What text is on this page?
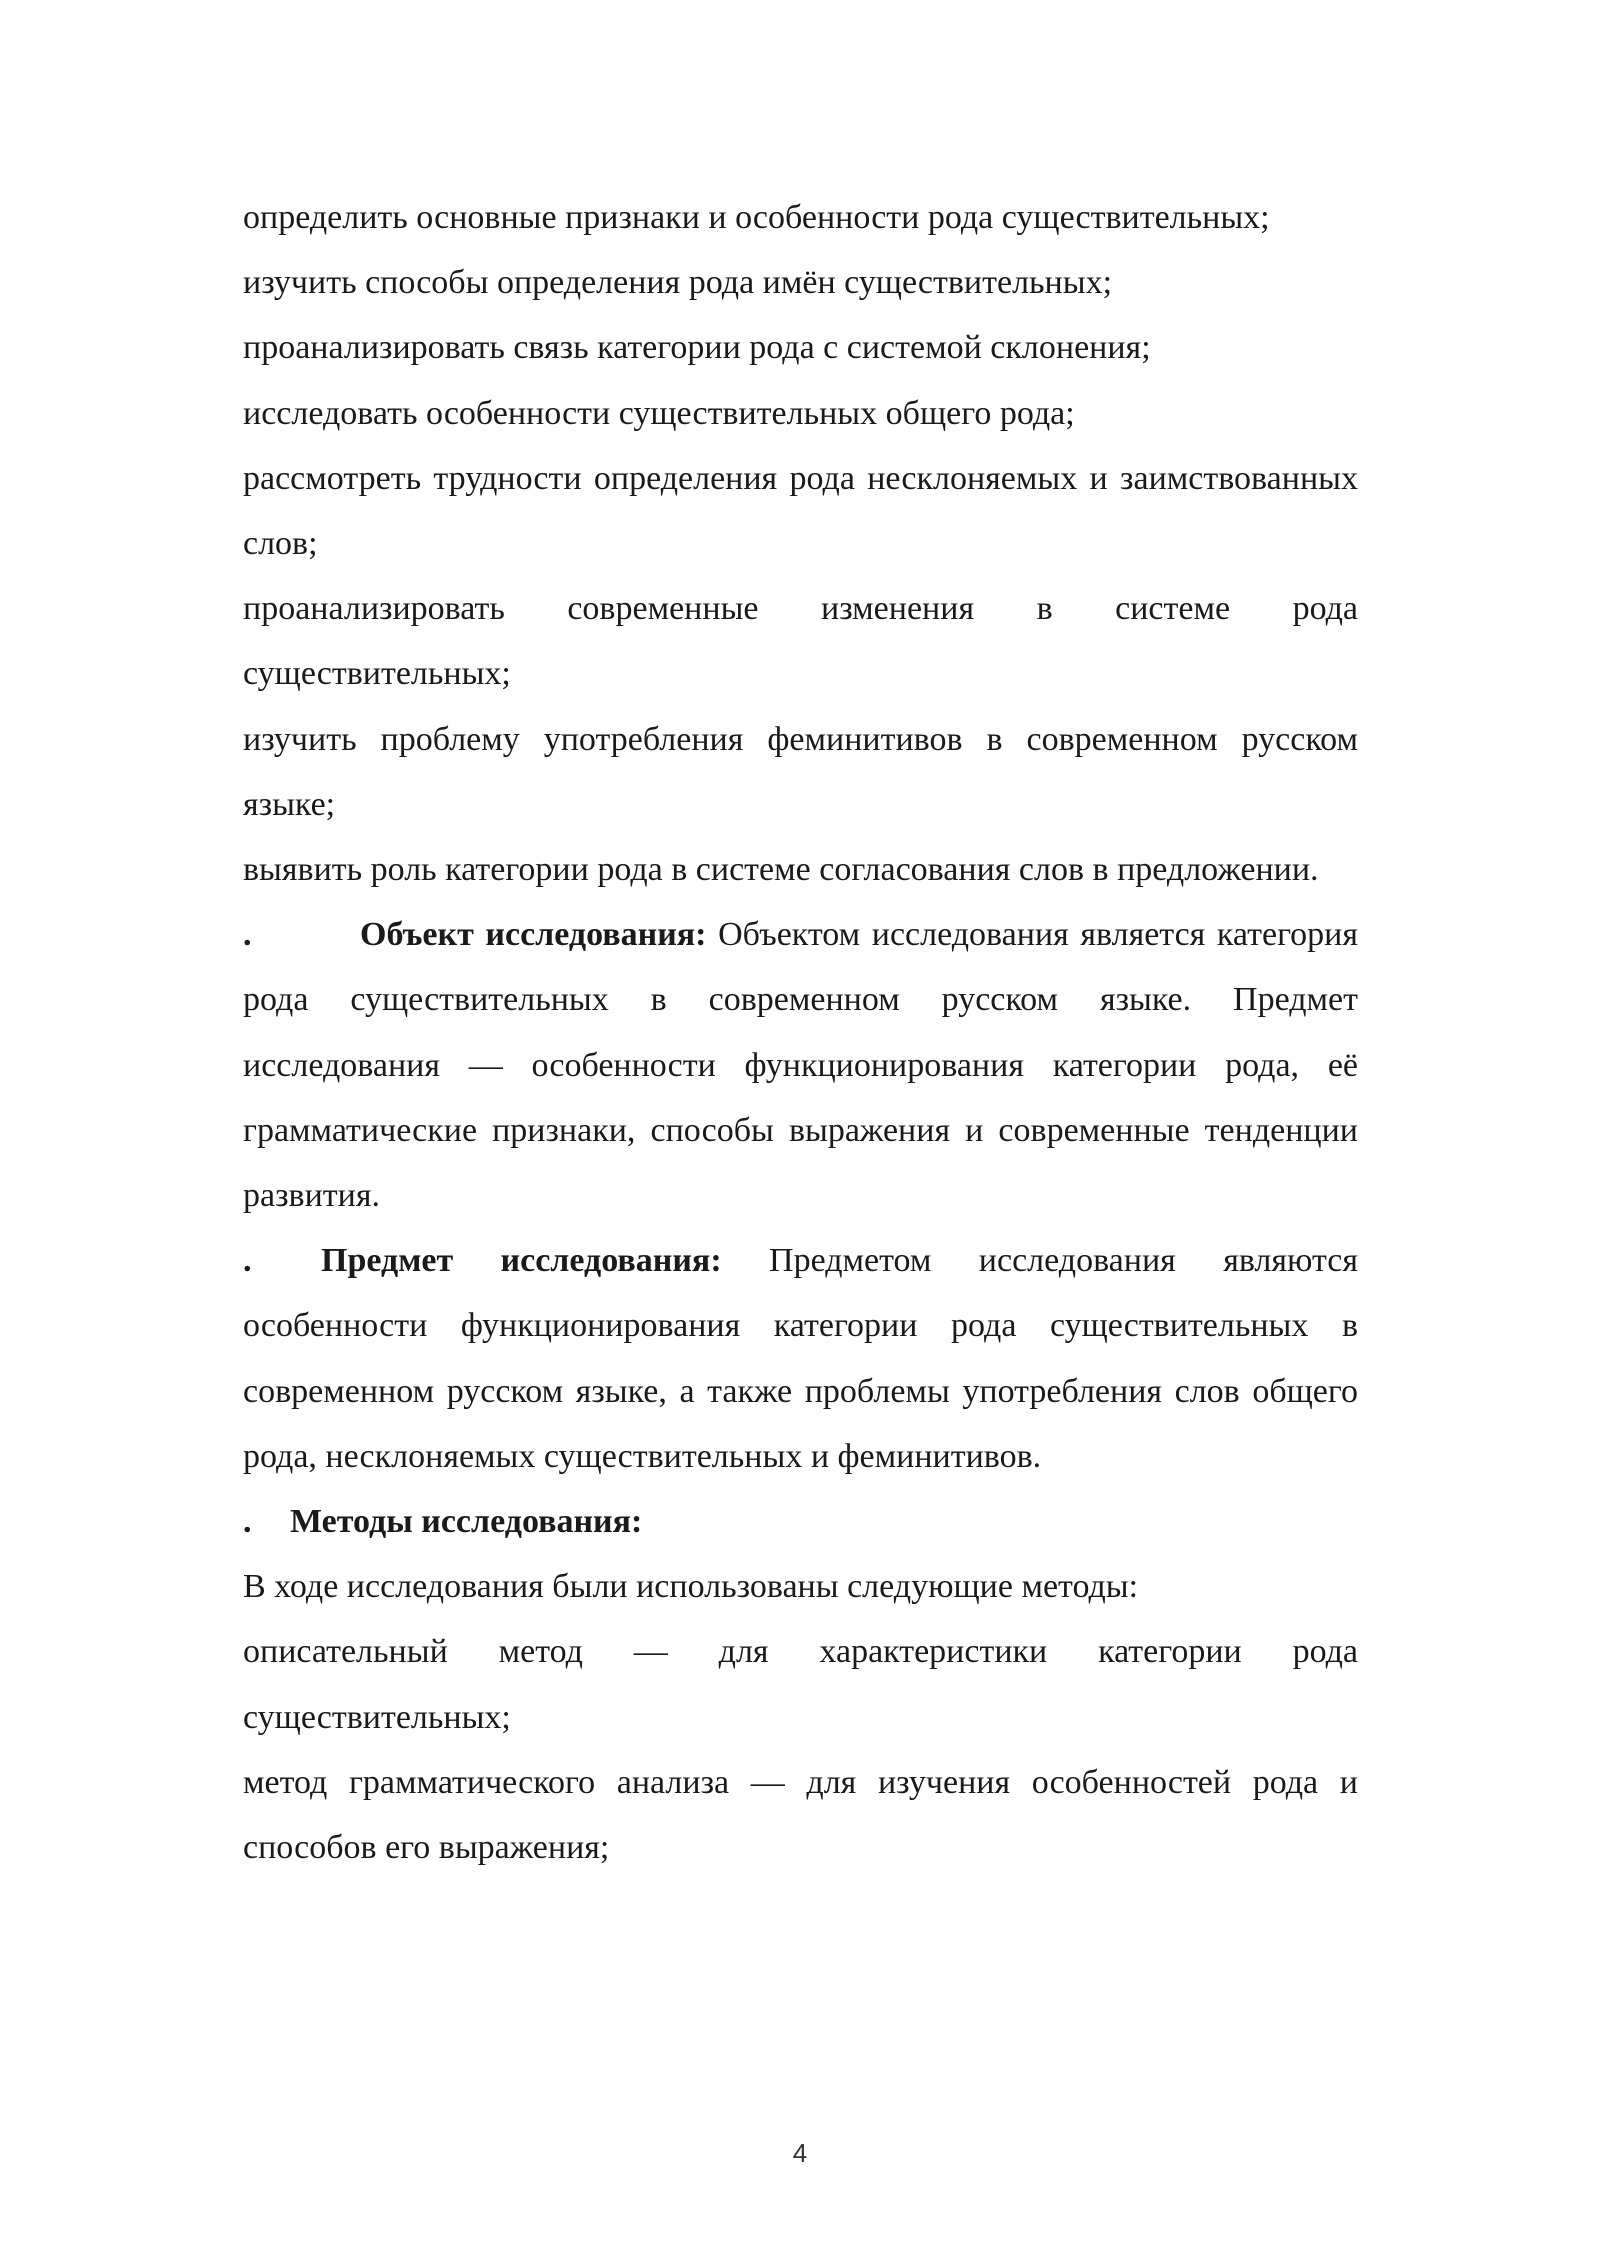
определить основные признаки и особенности рода существительных;

изучить способы определения рода имён существительных;

проанализировать связь категории рода с системой склонения;

исследовать особенности существительных общего рода;

рассмотреть трудности определения рода несклоняемых и заимствованных слов;

проанализировать современные изменения в системе рода существительных;

изучить проблему употребления феминитивов в современном русском языке;

выявить роль категории рода в системе согласования слов в предложении.

.	Объект исследования: Объектом исследования является категория рода существительных в современном русском языке. Предмет исследования — особенности функционирования категории рода, её грамматические признаки, способы выражения и современные тенденции развития.

. Предмет исследования: Предметом исследования являются особенности функционирования категории рода существительных в современном русском языке, а также проблемы употребления слов общего рода, несклоняемых существительных и феминитивов.

. Методы исследования:

В ходе исследования были использованы следующие методы:

описательный метод — для характеристики категории рода существительных;

метод грамматического анализа — для изучения особенностей рода и способов его выражения;

4
